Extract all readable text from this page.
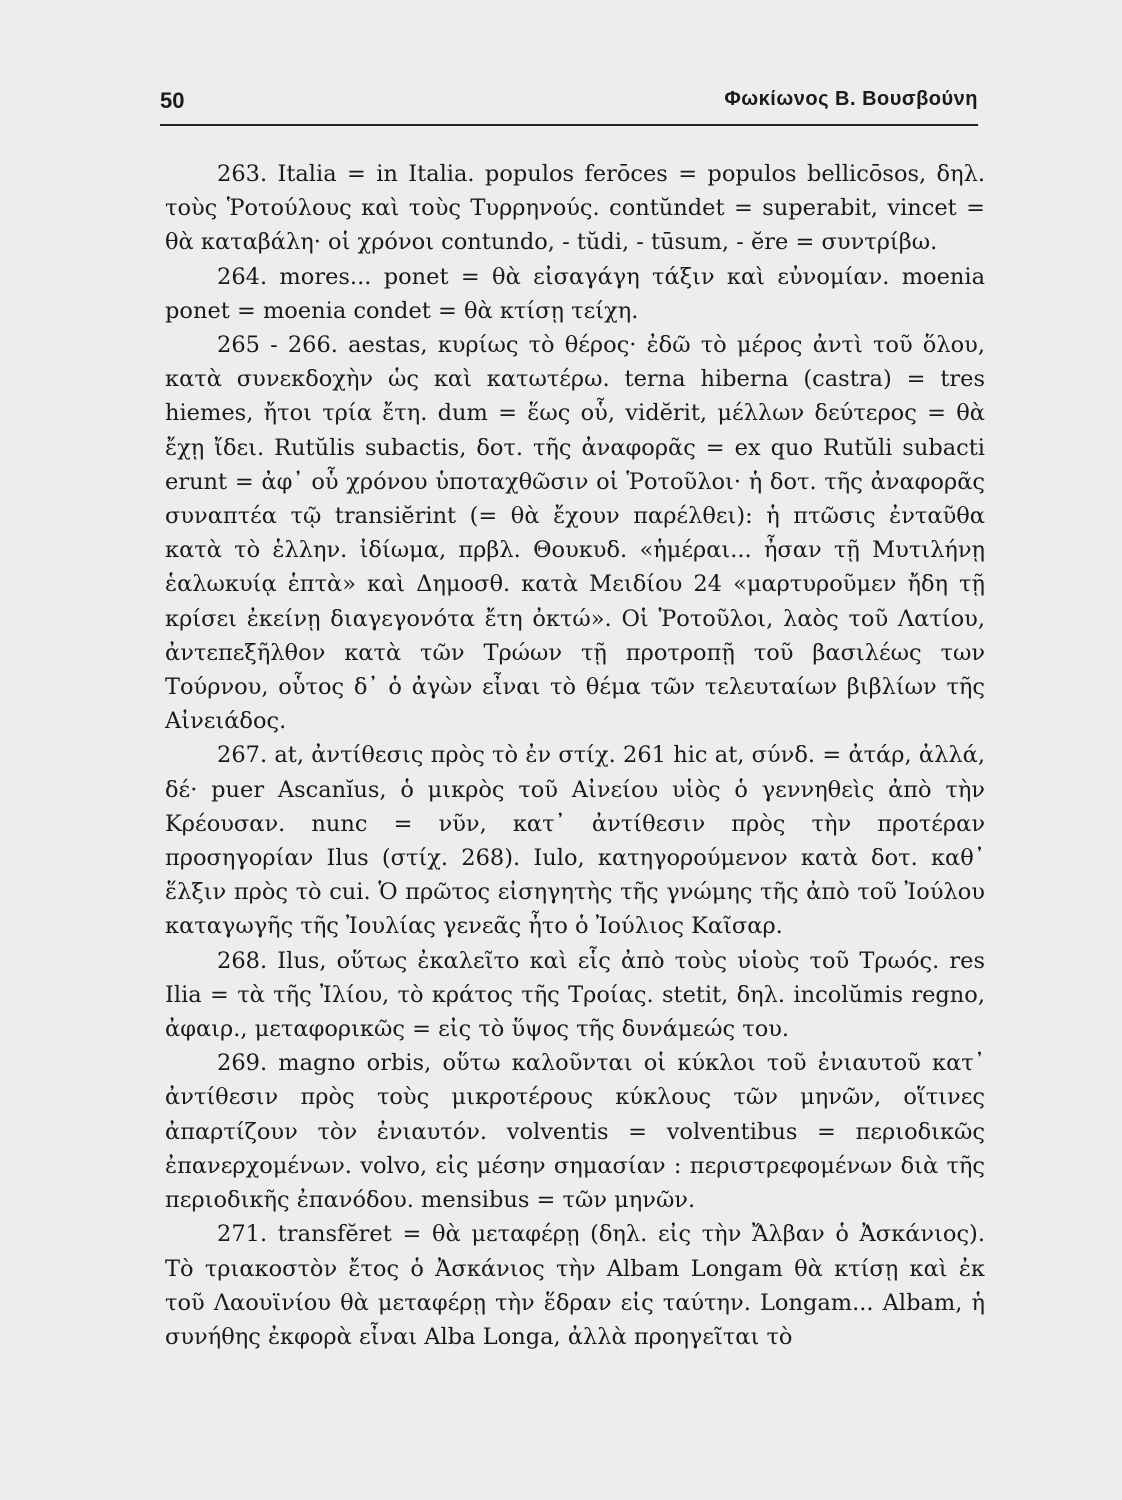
50	Φωκίωνος Β. Βουσβούνη

263. Italia = in Italia. populos ferōces = populos bellicōsos, δηλ. τοὺς Ῥοτούλους καὶ τοὺς Τυρρηνούς. contŭndet = superabit, vincet = θὰ καταβάλη· οἱ χρόνοι contundo, - tŭdi, - tūsum, - ĕre = συντρίβω.

264. mores... ponet = θὰ εἰσαγάγη τάξιν καὶ εὐνομίαν. moenia ponet = moenia condet = θὰ κτίσῃ τείχη.

265 - 266. aestas, κυρίως τὸ θέρος· ἐδῶ τὸ μέρος ἀντὶ τοῦ ὅλου, κατὰ συνεκδοχὴν ὡς καὶ κατωτέρω. terna hiberna (castra) = tres hiemes, ἤτοι τρία ἔτη. dum = ἕως οὗ, vidĕrit, μέλλων δεύτερος = θὰ ἔχῃ ἴδει. Rutŭlis subactis, δοτ. τῆς ἀναφορᾶς = ex quo Rutŭli subacti erunt = ἀφ᾽ οὗ χρόνου ὑποταχθῶσιν οἱ Ῥοτοῦλοι· ἡ δοτ. τῆς ἀναφορᾶς συναπτέα τῷ transiĕrint (= θὰ ἔχουν παρέλθει): ἡ πτῶσις ἐνταῦθα κατὰ τὸ ἑλλην. ἰδίωμα, πρβλ. Θουκυδ. «ἡμέραι... ἦσαν τῇ Μυτιλήνῃ ἑαλωκυίᾳ ἑπτὰ» καὶ Δημοσθ. κατὰ Μειδίου 24 «μαρτυροῦμεν ἤδη τῇ κρίσει ἐκείνῃ διαγεγονότα ἔτη ὀκτώ». Οἱ Ῥοτοῦλοι, λαὸς τοῦ Λατίου, ἀντεπεξῆλθον κατὰ τῶν Τρώων τῇ προτροπῇ τοῦ βασιλέως των Τούρνου, οὗτος δ᾽ ὁ ἀγὼν εἶναι τὸ θέμα τῶν τελευταίων βιβλίων τῆς Αἰνειάδος.

267. at, ἀντίθεσις πρὸς τὸ ἐν στίχ. 261 hic at, σύνδ. = ἀτάρ, ἀλλά, δέ· puer Ascanĭus, ὁ μικρὸς τοῦ Αἰνείου υἱὸς ὁ γεννηθεὶς ἀπὸ τὴν Κρέουσαν. nunc = νῦν, κατ᾽ ἀντίθεσιν πρὸς τὴν προτέραν προσηγορίαν Ilus (στίχ. 268). Iulo, κατηγορούμενον κατὰ δοτ. καθ᾽ ἕλξιν πρὸς τὸ cui. Ὁ πρῶτος εἰσηγητὴς τῆς γνώμης τῆς ἀπὸ τοῦ Ἰούλου καταγωγῆς τῆς Ἰουλίας γενεᾶς ἦτο ὁ Ἰούλιος Καῖσαρ.

268. Ilus, οὕτως ἐκαλεῖτο καὶ εἷς ἀπὸ τοὺς υἱοὺς τοῦ Τρωός. res Ilia = τὰ τῆς Ἰλίου, τὸ κράτος τῆς Τροίας. stetit, δηλ. incolŭmis regno, ἀφαιρ., μεταφορικῶς = εἰς τὸ ὕψος τῆς δυνάμεώς του.

269. magno orbis, οὕτω καλοῦνται οἱ κύκλοι τοῦ ἐνιαυτοῦ κατ᾽ ἀντίθεσιν πρὸς τοὺς μικροτέρους κύκλους τῶν μηνῶν, οἵτινες ἀπαρτίζουν τὸν ἐνιαυτόν. volventis = volventibus = περιοδικῶς ἐπανερχομένων. volvo, εἰς μέσην σημασίαν : περιστρεφομένων διὰ τῆς περιοδικῆς ἐπανόδου. mensibus = τῶν μηνῶν.

271. transfĕret = θὰ μεταφέρῃ (δηλ. εἰς τὴν Ἄλβαν ὁ Ἀσκάνιος). Τὸ τριακοστὸν ἔτος ὁ Ἀσκάνιος τὴν Albam Longam θὰ κτίσῃ καὶ ἐκ τοῦ Λαουϊνίου θὰ μεταφέρῃ τὴν ἕδραν εἰς ταύτην. Longam... Albam, ἡ συνήθης ἐκφορὰ εἶναι Alba Longa, ἀλλὰ προηγεῖται τὸ
